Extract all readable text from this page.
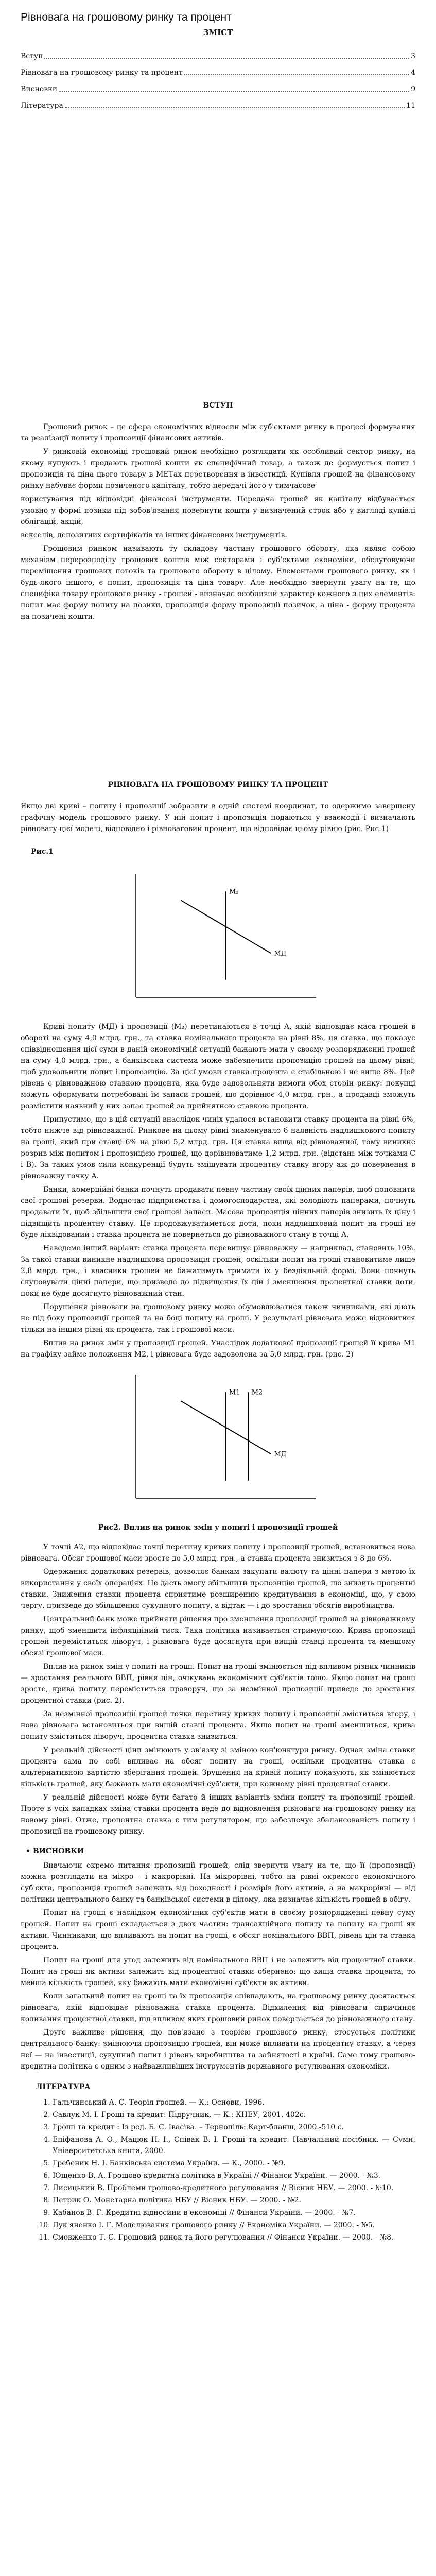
Рівновага на грошовому ринку та процент
ЗМІСТ
Вступ	3
Рівновага на грошовому ринку та процент	4
Висновки	9
Література	11
ВСТУП

Грошовий ринок – це сфера економічних відносин між суб'єктами ринку в процесі формування та реалізації попиту і пропозиції фінансових активів.

У ринковій економіці грошовий ринок необхідно розглядати як особливий сектор ринку, на якому купують і продають грошові кошти як специфічний товар, а також де формується попит і пропозиція та ціна цього товару в METах перетворення в інвестиції. Купівля грошей на фінансовому ринку набуває форми позиченого капіталу, тобто передачі його у тимчасове

користування під відповідні фінансові інструменти. Передача грошей як капіталу відбувається умовно у формі позики під зобов'язання повернути кошти у визначений строк або у вигляді купівлі облігацій, акцій,

векселів, депозитних сертифікатів та інших фінансових інструментів.

Грошовим ринком називають ту складову частину грошового обороту, яка являє собою механізм перерозподілу грошових коштів між секторами і суб'єктами економіки, обслуговуючи переміщення грошових потоків та грошового обороту в цілому. Елементами грошового ринку, як і будь-якого іншого, є попит, пропозиція та ціна товару. Але необхідно звернути увагу на те, що специфіка товару грошового ринку - грошей - визначає особливий характер кожного з цих елементів: попит має форму попиту на позики, пропозиція форму пропозиції позичок, а ціна - форму процента на позичені кошти.

РІВНОВАГА НА ГРОШОВОМУ РИНКУ ТА ПРОЦЕНТ

Якщо дві криві – попиту і пропозиції зобразити в одній системі координат, то одержимо завершену графічну модель грошового ринку. У ній попит і пропозиція подаються у взаємодії і визначають рівновагу цієї моделі, відповідно і рівноваговий процент, що відповідає цьому рівню (рис. Рис.1)

Рис.1
МД
М₂

Криві попиту (МД) і пропозиції (М₂) перетинаються в точці А, якій відповідає маса грошей в обороті на суму 4,0 млрд. грн., та ставка номінального процента на рівні 8%, ця ставка, що показує співвідношення цієї суми в даній економічній ситуації бажають мати у своєму розпорядженні грошей на суму 4,0 млрд. грн., а банківська система може забезпечити пропозицію грошей на цьому рівні, щоб удовольнити попит і пропозицію. За цієї умови ставка процента є стабільною і не вище 8%. Цей рівень є рівноважною ставкою процента, яка буде задовольняти вимоги обох сторін ринку: покупці можуть оформувати потребовані їм запаси грошей, що дорівнює 4,0 млрд. грн., а продавці зможуть розмістити наявний у них запас грошей за прийнятною ставкою процента.

Припустимо, що в цій ситуації внаслідок чиніх удалося встановити ставку процента на рівні 6%, тобто нижче від рівноважної. Ринкове на цьому рівні знаменувало б наявність надлишкового попиту на гроші, який при ставці 6% на рівні 5,2 млрд. грн. Ця ставка вища від рівноважної, тому виникне розрив між попитом і пропозицією грошей, що дорівнюватиме 1,2 млрд. грн. (відстань між точками С і В). За таких умов сили конкуренції будуть зміщувати процентну ставку вгору аж до повернення в рівноважну точку А.

Банки, комерційні банки почнуть продавати певну частину своїх цінних паперів, щоб поповнити свої грошові резерви. Водночас підприємства і домогосподарства, які володіють паперами, почнуть продавати їх, щоб збільшити свої грошові запаси. Масова пропозиція цінних паперів знизить їх ціну і підвищить процентну ставку. Це продовжуватиметься доти, поки надлишковий попит на гроші не буде ліквідований і ставка процента не повернеться до рівноважного стану в точці А.

Наведемо інший варіант: ставка процента перевищує рівноважну — наприклад, становить 10%. За такої ставки виникне надлишкова пропозиція грошей, оскільки попит на гроші становитиме лише 2,8 млрд. грн., і власники грошей не бажатимуть тримати їх у бездіяльній формі. Вони почнуть скуповувати цінні папери, що призведе до підвищення їх цін і зменшення процентної ставки доти, поки не буде досягнуто рівноважний стан.

Порушення рівноваги на грошовому ринку може обумовлюватися також чинниками, які діють не під боку пропозиції грошей та на боці попиту на гроші. У результаті рівновага може відновитися тільки на іншим рівні як процента, так і грошової маси.

Вплив на ринок змін у пропозиції грошей. Унаслідок додаткової пропозиції грошей її крива М1 на графіку займе положення М2, і рівновага буде задоволена за 5,0 млрд. грн. (рис. 2)

МД
М1 М2
Рис2. Вплив на ринок змін у попиті і пропозиції грошей

У точці А2, що відповідає точці перетину кривих попиту і пропозиції грошей, встановиться нова рівновага. Обсяг грошової маси зросте до 5,0 млрд. грн., а ставка процента знизиться з 8 до 6%.

Одержання додаткових резервів, дозволяє банкам закупати валюту та цінні папери з метою їх використання у своїх операціях. Це дасть змогу збільшити пропозицію грошей, що знизить процентні ставки. Зниження ставки процента сприятиме розширенню кредитування в економіці, що, у свою чергу, призведе до збільшення сукупного попиту, а відтак — і до зростання обсягів виробництва.

Центральний банк може прийняти рішення про зменшення пропозиції грошей на рівноважному ринку, щоб зменшити інфляційний тиск. Така політика називається стримуючою. Крива пропозиції грошей переміститься ліворуч, і рівновага буде досягнута при вищій ставці процента та меншому обсязі грошової маси.

Вплив на ринок змін у попиті на гроші. Попит на гроші змінюється під впливом різних чинників — зростання реального ВВП, рівня цін, очікувань економічних суб'єктів тощо. Якщо попит на гроші зросте, крива попиту переміститься праворуч, що за незмінної пропозиції приведе до зростання процентної ставки (рис. 2).

За незмінної пропозиції грошей точка перетину кривих попиту і пропозиції зміститься вгору, і нова рівновага встановиться при вищій ставці процента. Якщо попит на гроші зменшиться, крива попиту зміститься ліворуч, процентна ставка знизиться.

У реальній дійсності ціни змінюють у зв'язку зі зміною кон'юнктури ринку. Однак зміна ставки процента сама по собі впливає на обсяг попиту на гроші, оскільки процентна ставка є альтернативною вартістю зберігання грошей. Зрушення на кривій попиту показують, як змінюється кількість грошей, яку бажають мати економічні суб'єкти, при кожному рівні процентної ставки.

У реальній дійсності може бути багато й інших варіантів зміни попиту та пропозиції грошей. Проте в усіх випадках зміна ставки процента веде до відновлення рівноваги на грошовому ринку на новому рівні. Отже, процентна ставка є тим регулятором, що забезпечує збалансованість попиту і пропозиції на грошовому ринку.

• ВИСНОВКИ

Вивчаючи окремо питання пропозиції грошей, слід звернути увагу на те, що її (пропозиції) можна розглядати на мікро - і макрорівні. На мікрорівні, тобто на рівні окремого економічного суб'єкта, пропозиція грошей залежить від доходності і розмірів його активів, а на макрорівні — від політики центрального банку та банківської системи в цілому, яка визначає кількість грошей в обігу.

Попит на гроші є наслідком економічних суб'єктів мати в своєму розпорядженні певну суму грошей. Попит на гроші складається з двох частин: трансакційного попиту та попиту на гроші як активи. Чинниками, що впливають на попит на гроші, є обсяг номінального ВВП, рівень цін та ставка процента.

Попит на гроші для угод залежить від номінального ВВП і не залежить від процентної ставки. Попит на гроші як активи залежить від процентної ставки обернено: що вища ставка процента, то менша кількість грошей, яку бажають мати економічні суб'єкти як активи.

Коли загальний попит на гроші та їх пропозиція співпадають, на грошовому ринку досягається рівновага, якій відповідає рівноважна ставка процента. Відхилення від рівноваги спричиняє коливання процентної ставки, під впливом яких грошовий ринок повертається до рівноважного стану.

Друге важливе рішення, що пов'язане з теорією грошового ринку, стосується політики центрального банку: змінюючи пропозицію грошей, він може впливати на процентну ставку, а через неї — на інвестиції, сукупний попит і рівень виробництва та зайнятості в країні. Саме тому грошово-кредитна політика є одним з найважливіших інструментів державного регулювання економіки.

ЛІТЕРАТУРА
1. Гальчинський А. С. Теорія грошей. — К.: Основи, 1996.
2. Савлук М. І. Гроші та кредит: Підручник. — К.: КНЕУ, 2001.-402с.
3. Гроші та кредит : Із ред. Б. С. Івасіва. – Тернопіль: Карт-бланш, 2000.-510 с.
4. Епіфанова А. О., Мацюк Н. І., Співак В. І. Гроші та кредит: Навчальний посібник. — Суми: Університетська книга, 2000.
5. Гребеник Н. І. Банківська система України. — К., 2000. - №9.
6. Ющенко В. А. Грошово-кредитна політика в Україні // Фінанси України. — 2000. - №3.
7. Лисицький В. Проблеми грошово-кредитного регулювання // Вісник НБУ. — 2000. - №10.
8. Петрик О. Монетарна політика НБУ // Вісник НБУ. — 2000. - №2.
9. Кабанов В. Г. Кредитні відносини в економіці // Фінанси України. — 2000. - №7.
10. Лук'яненко І. Г. Моделювання грошового ринку // Економіка України. — 2000. - №5.
11. Смовженко Т. С. Грошовий ринок та його регулювання // Фінанси України. — 2000. - №8.
